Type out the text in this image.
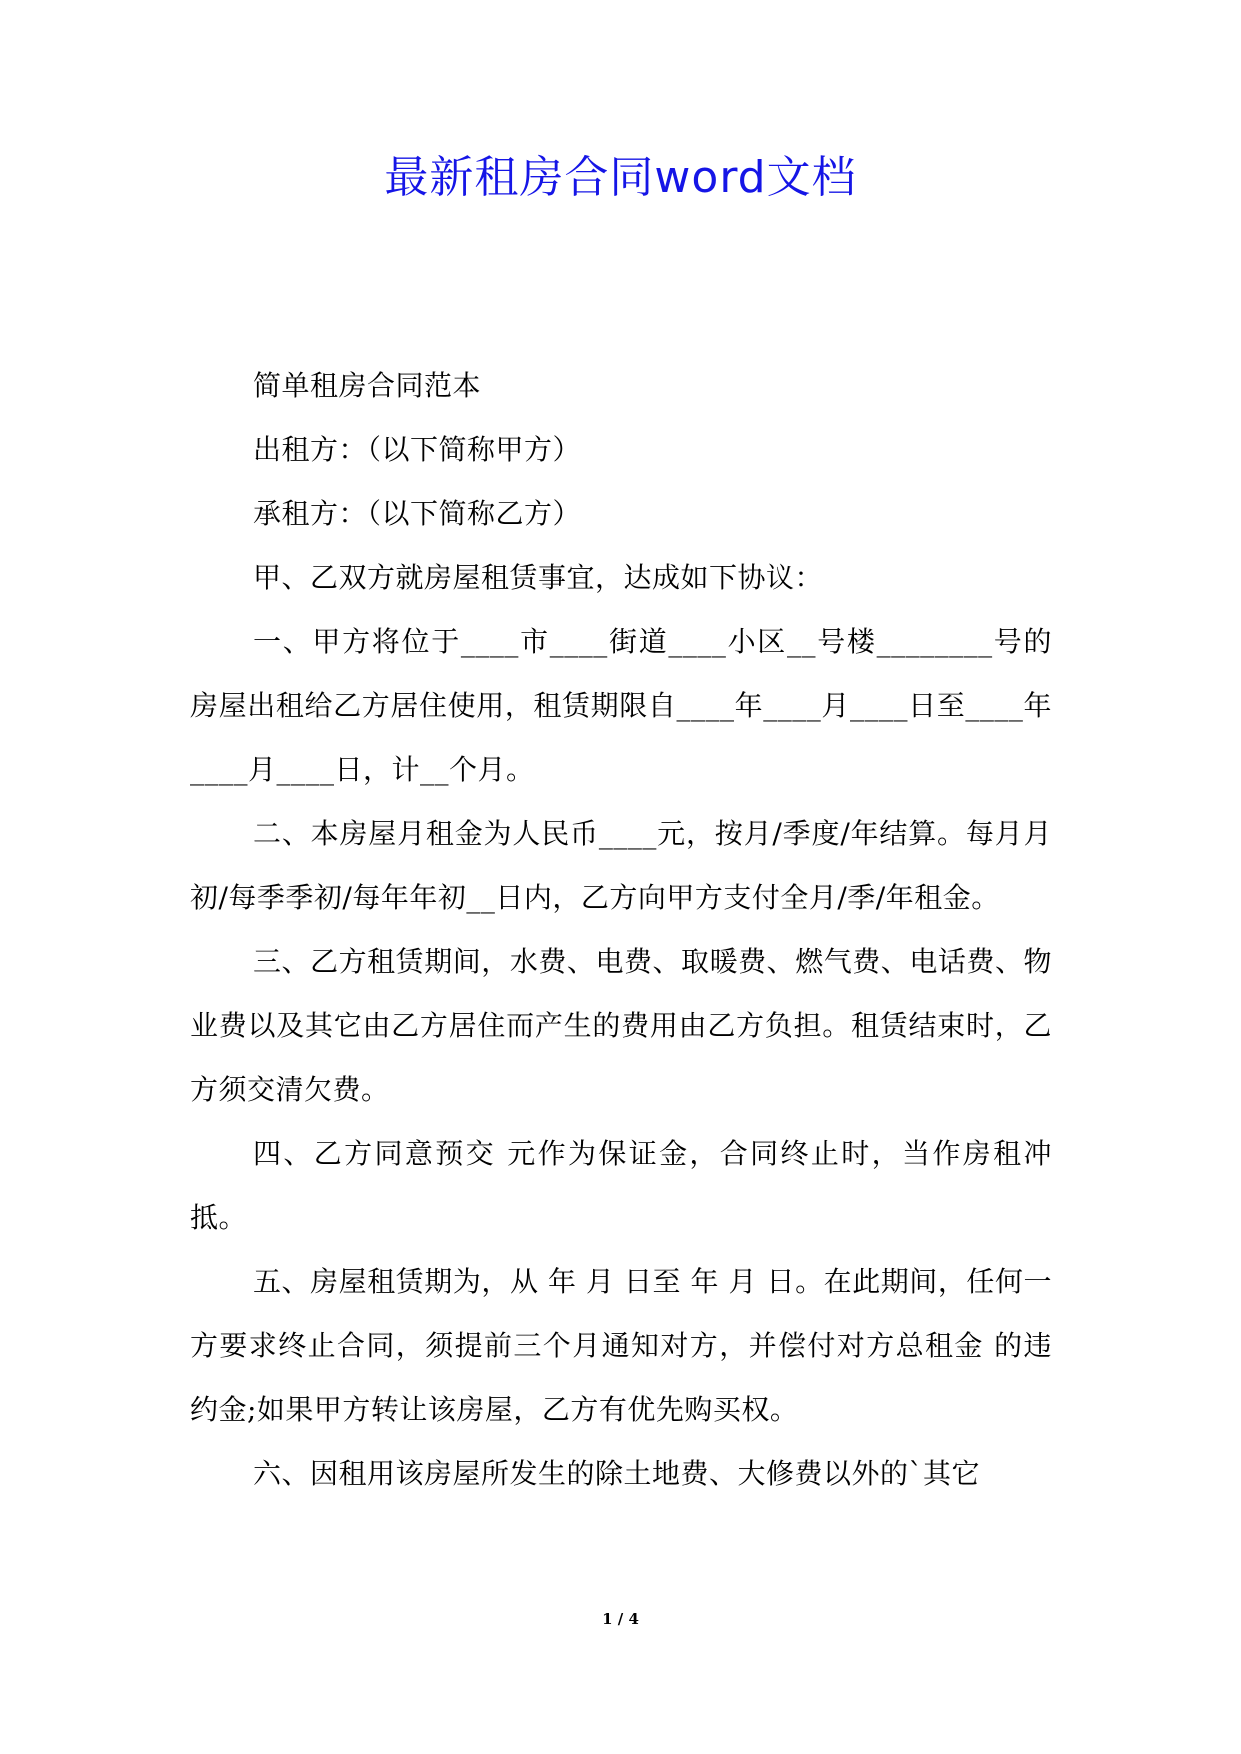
最新租房合同word文档

简单租房合同范本

出租方：（以下简称甲方）

承租方：（以下简称乙方）

甲、乙双方就房屋租赁事宜，达成如下协议：

一、甲方将位于____市____街道____小区__号楼________号的房屋出租给乙方居住使用，租赁期限自____年____月____日至____年____月____日，计__个月。

二、本房屋月租金为人民币____元，按月/季度/年结算。每月月初/每季季初/每年年初__日内，乙方向甲方支付全月/季/年租金。

三、乙方租赁期间，水费、电费、取暖费、燃气费、电话费、物业费以及其它由乙方居住而产生的费用由乙方负担。租赁结束时，乙方须交清欠费。

四、乙方同意预交 元作为保证金，合同终止时，当作房租冲抵。

五、房屋租赁期为，从 年 月 日至 年 月 日。在此期间，任何一方要求终止合同，须提前三个月通知对方，并偿付对方总租金 的违约金;如果甲方转让该房屋，乙方有优先购买权。

六、因租用该房屋所发生的除土地费、大修费以外的`其它

1 / 4
